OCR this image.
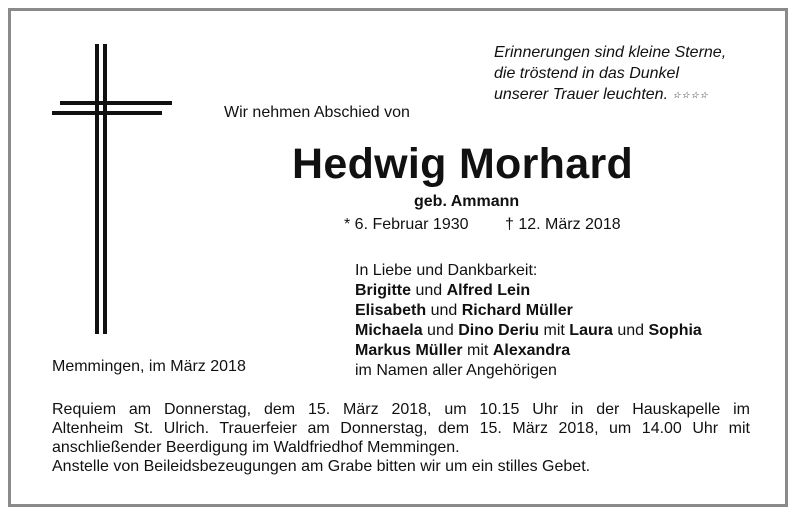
Erinnerungen sind kleine Sterne,
die tröstend in das Dunkel
unserer Trauer leuchten. ☆☆☆☆
Wir nehmen Abschied von
Hedwig Morhard
geb. Ammann
* 6. Februar 1930 † 12. März 2018
In Liebe und Dankbarkeit:
Brigitte und Alfred Lein
Elisabeth und Richard Müller
Michaela und Dino Deriu mit Laura und Sophia
Markus Müller mit Alexandra
im Namen aller Angehörigen
Memmingen, im März 2018
Requiem am Donnerstag, dem 15. März 2018, um 10.15 Uhr in der Hauskapelle im
Altenheim St. Ulrich. Trauerfeier am Donnerstag, dem 15. März 2018, um 14.00 Uhr mit
anschließender Beerdigung im Waldfriedhof Memmingen.
Anstelle von Beileidsbezeugungen am Grabe bitten wir um ein stilles Gebet.
